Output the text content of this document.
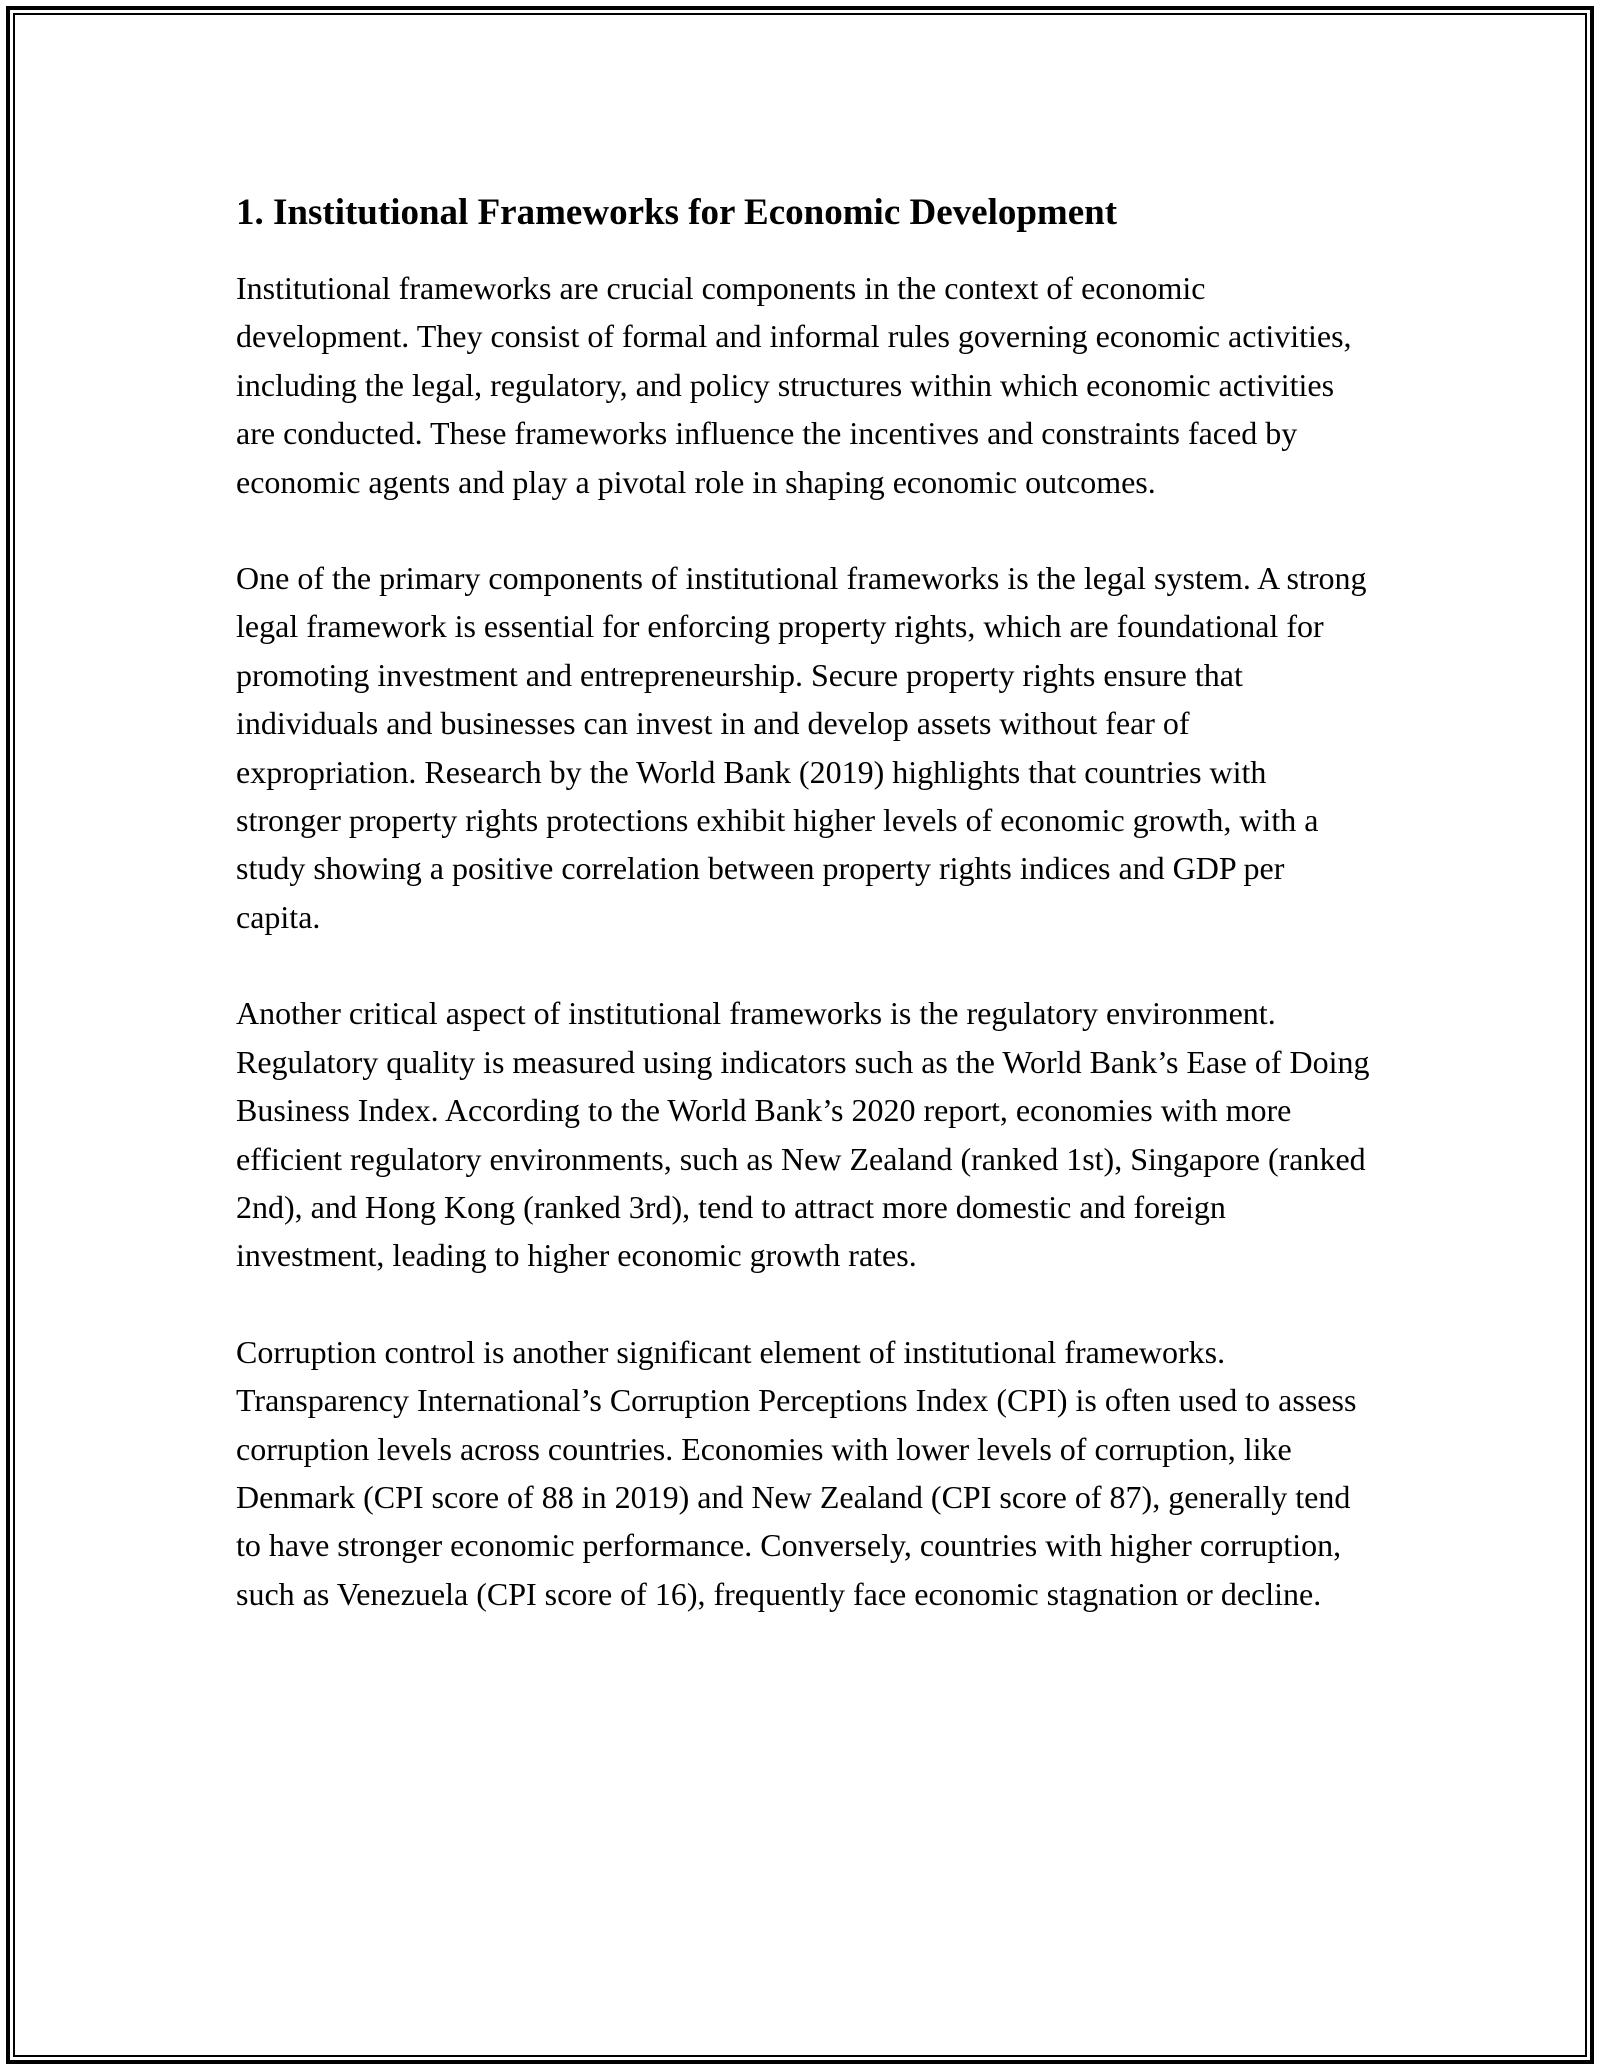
1. Institutional Frameworks for Economic Development

Institutional frameworks are crucial components in the context of economic development. They consist of formal and informal rules governing economic activities, including the legal, regulatory, and policy structures within which economic activities are conducted. These frameworks influence the incentives and constraints faced by economic agents and play a pivotal role in shaping economic outcomes.

One of the primary components of institutional frameworks is the legal system. A strong legal framework is essential for enforcing property rights, which are foundational for promoting investment and entrepreneurship. Secure property rights ensure that individuals and businesses can invest in and develop assets without fear of expropriation. Research by the World Bank (2019) highlights that countries with stronger property rights protections exhibit higher levels of economic growth, with a study showing a positive correlation between property rights indices and GDP per capita.

Another critical aspect of institutional frameworks is the regulatory environment. Regulatory quality is measured using indicators such as the World Bank’s Ease of Doing Business Index. According to the World Bank’s 2020 report, economies with more efficient regulatory environments, such as New Zealand (ranked 1st), Singapore (ranked 2nd), and Hong Kong (ranked 3rd), tend to attract more domestic and foreign investment, leading to higher economic growth rates.

Corruption control is another significant element of institutional frameworks. Transparency International’s Corruption Perceptions Index (CPI) is often used to assess corruption levels across countries. Economies with lower levels of corruption, like Denmark (CPI score of 88 in 2019) and New Zealand (CPI score of 87), generally tend to have stronger economic performance. Conversely, countries with higher corruption, such as Venezuela (CPI score of 16), frequently face economic stagnation or decline.
